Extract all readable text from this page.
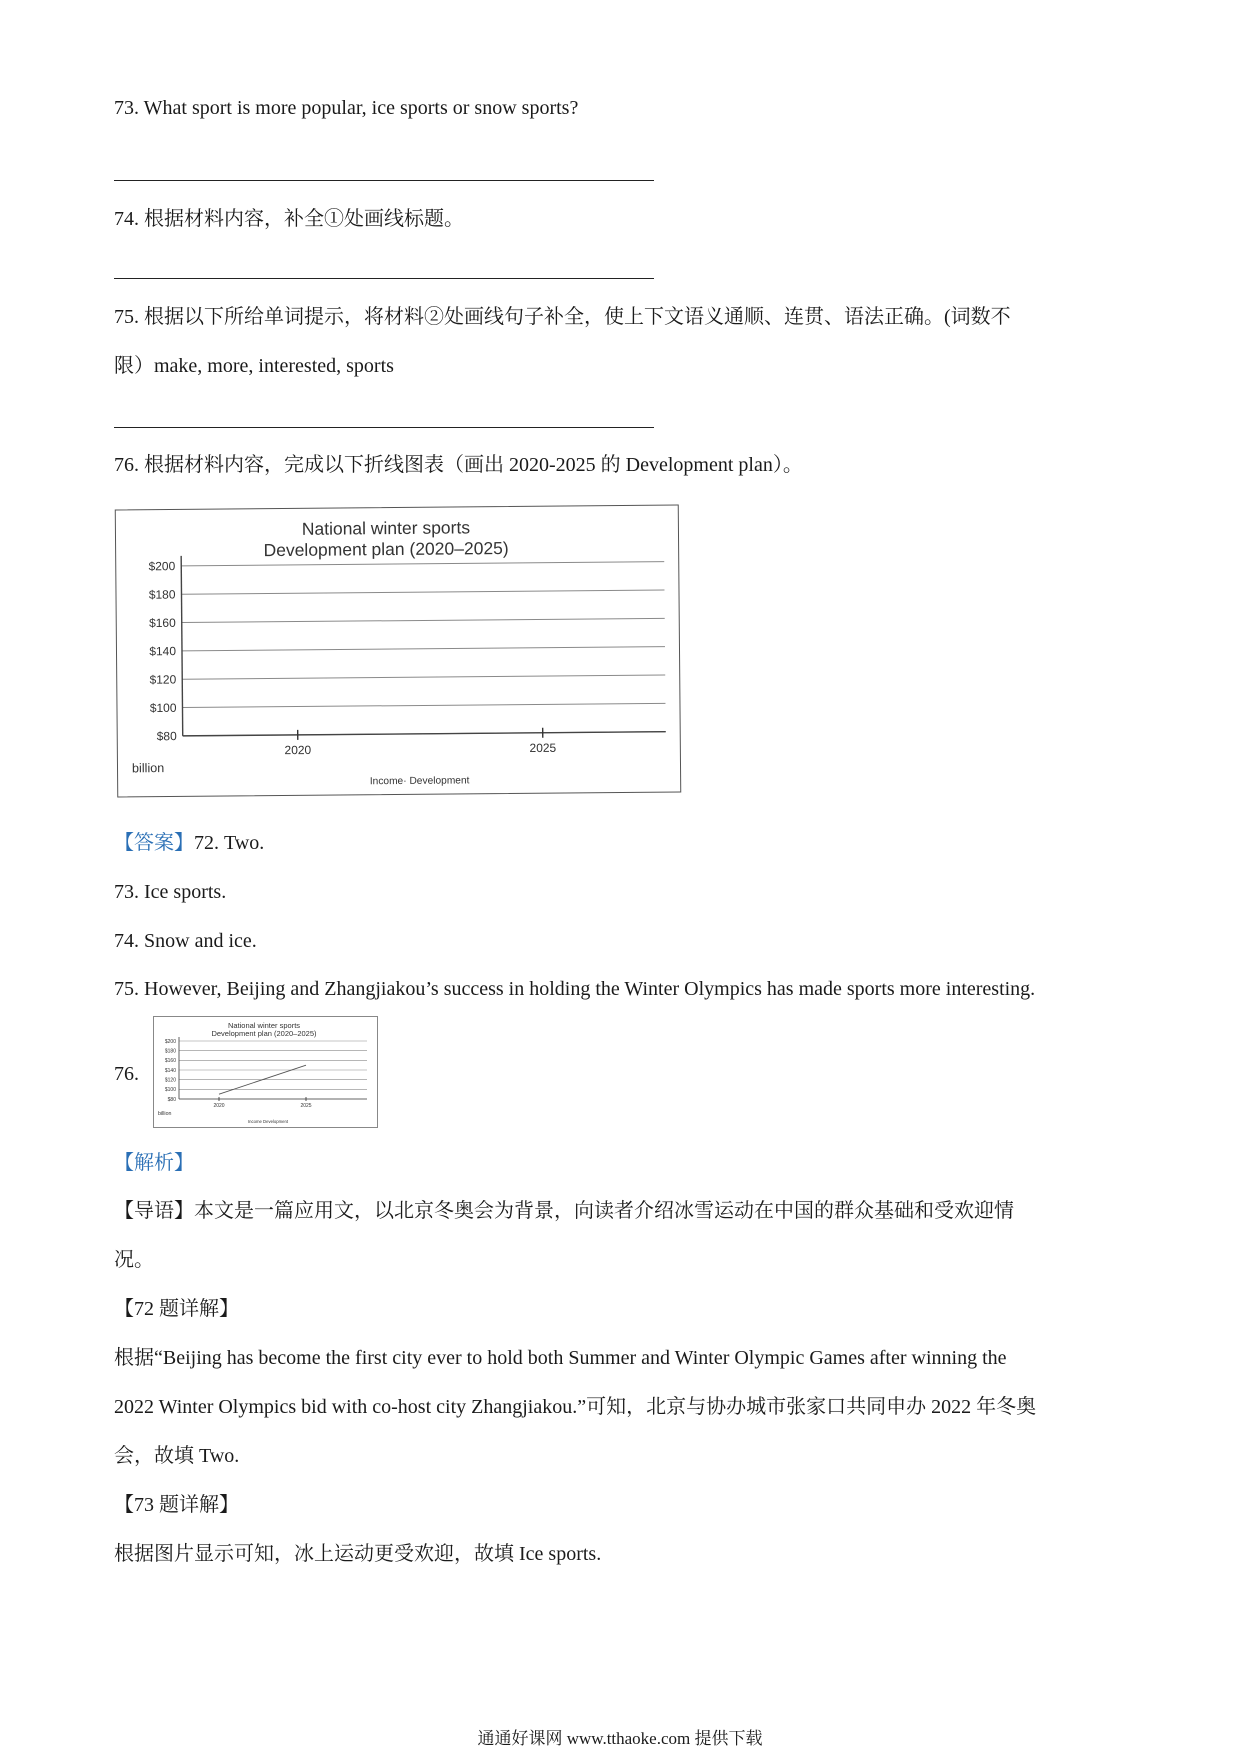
73. What sport is more popular, ice sports or snow sports?
74. 根据材料内容，补全①处画线标题。
75. 根据以下所给单词提示，将材料②处画线句子补全，使上下文语义通顺、连贯、语法正确。(词数不
限）make, more, interested, sports
76. 根据材料内容，完成以下折线图表（画出 2020-2025 的 Development plan）。
$200
$180
$160
$140
$120
$100
$80
2020	2025
billion
Income· Development
National winter sports
Development plan (2020–2025)
【答案】72. Two.
73. Ice sports.
74. Snow and ice.
75. However, Beijing and Zhangjiakou’s success in holding the Winter Olympics has made sports more interesting.
76.
$200
$180
$160
$140
$120
$100
$80
2020	2025
billion
Income Development
National winter sports
Development plan (2020–2025)
【解析】
【导语】本文是一篇应用文，以北京冬奥会为背景，向读者介绍冰雪运动在中国的群众基础和受欢迎情
况。
【72 题详解】
根据“Beijing has become the first city ever to hold both Summer and Winter Olympic Games after winning the
2022 Winter Olympics bid with co-host city Zhangjiakou.”可知，北京与协办城市张家口共同申办 2022 年冬奥
会，故填 Two.
【73 题详解】
根据图片显示可知，冰上运动更受欢迎，故填 Ice sports.
通通好课网 www.tthaoke.com 提供下载
